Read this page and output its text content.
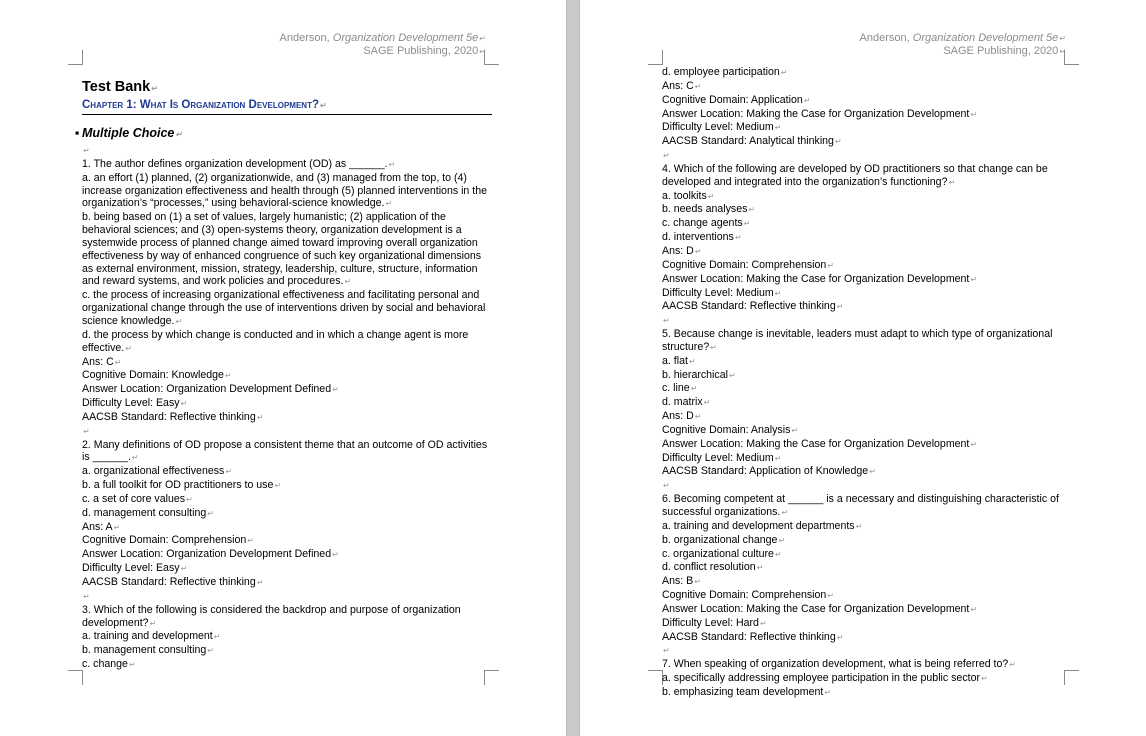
Anderson, Organization Development 5e↵
SAGE Publishing, 2020↵
Test Bank↵
Chapter 1: What Is Organization Development?↵
▪ Multiple Choice↵

↵

1. The author defines organization development (OD) as ______.↵

a. an effort (1) planned, (2) organizationwide, and (3) managed from the top, to (4) increase organization effectiveness and health through (5) planned interventions in the organization’s “processes,” using behavioral-science knowledge.↵

b. being based on (1) a set of values, largely humanistic; (2) application of the behavioral sciences; and (3) open-systems theory, organization development is a systemwide process of planned change aimed toward improving overall organization effectiveness by way of enhanced congruence of such key organizational dimensions as external environment, mission, strategy, leadership, culture, structure, information and reward systems, and work policies and procedures.↵

c. the process of increasing organizational effectiveness and facilitating personal and organizational change through the use of interventions driven by social and behavioral science knowledge.↵

d. the process by which change is conducted and in which a change agent is more effective.↵

Ans: C↵

Cognitive Domain: Knowledge↵

Answer Location: Organization Development Defined↵

Difficulty Level: Easy↵

AACSB Standard: Reflective thinking↵

↵

2. Many definitions of OD propose a consistent theme that an outcome of OD activities is ______.↵

a. organizational effectiveness↵

b. a full toolkit for OD practitioners to use↵

c. a set of core values↵

d. management consulting↵

Ans: A↵

Cognitive Domain: Comprehension↵

Answer Location: Organization Development Defined↵

Difficulty Level: Easy↵

AACSB Standard: Reflective thinking↵

↵

3. Which of the following is considered the backdrop and purpose of organization development?↵

a. training and development↵

b. management consulting↵

c. change↵

Anderson, Organization Development 5e↵
SAGE Publishing, 2020↵

d. employee participation↵

Ans: C↵

Cognitive Domain: Application↵

Answer Location: Making the Case for Organization Development↵

Difficulty Level: Medium↵

AACSB Standard: Analytical thinking↵

↵

4. Which of the following are developed by OD practitioners so that change can be developed and integrated into the organization’s functioning?↵

a. toolkits↵

b. needs analyses↵

c. change agents↵

d. interventions↵

Ans: D↵

Cognitive Domain: Comprehension↵

Answer Location: Making the Case for Organization Development↵

Difficulty Level: Medium↵

AACSB Standard: Reflective thinking↵

↵

5. Because change is inevitable, leaders must adapt to which type of organizational structure?↵

a. flat↵

b. hierarchical↵

c. line↵

d. matrix↵

Ans: D↵

Cognitive Domain: Analysis↵

Answer Location: Making the Case for Organization Development↵

Difficulty Level: Medium↵

AACSB Standard: Application of Knowledge↵

↵

6. Becoming competent at ______ is a necessary and distinguishing characteristic of successful organizations.↵

a. training and development departments↵

b. organizational change↵

c. organizational culture↵

d. conflict resolution↵

Ans: B↵

Cognitive Domain: Comprehension↵

Answer Location: Making the Case for Organization Development↵

Difficulty Level: Hard↵

AACSB Standard: Reflective thinking↵

↵

7. When speaking of organization development, what is being referred to?↵

a. specifically addressing employee participation in the public sector↵

b. emphasizing team development↵
